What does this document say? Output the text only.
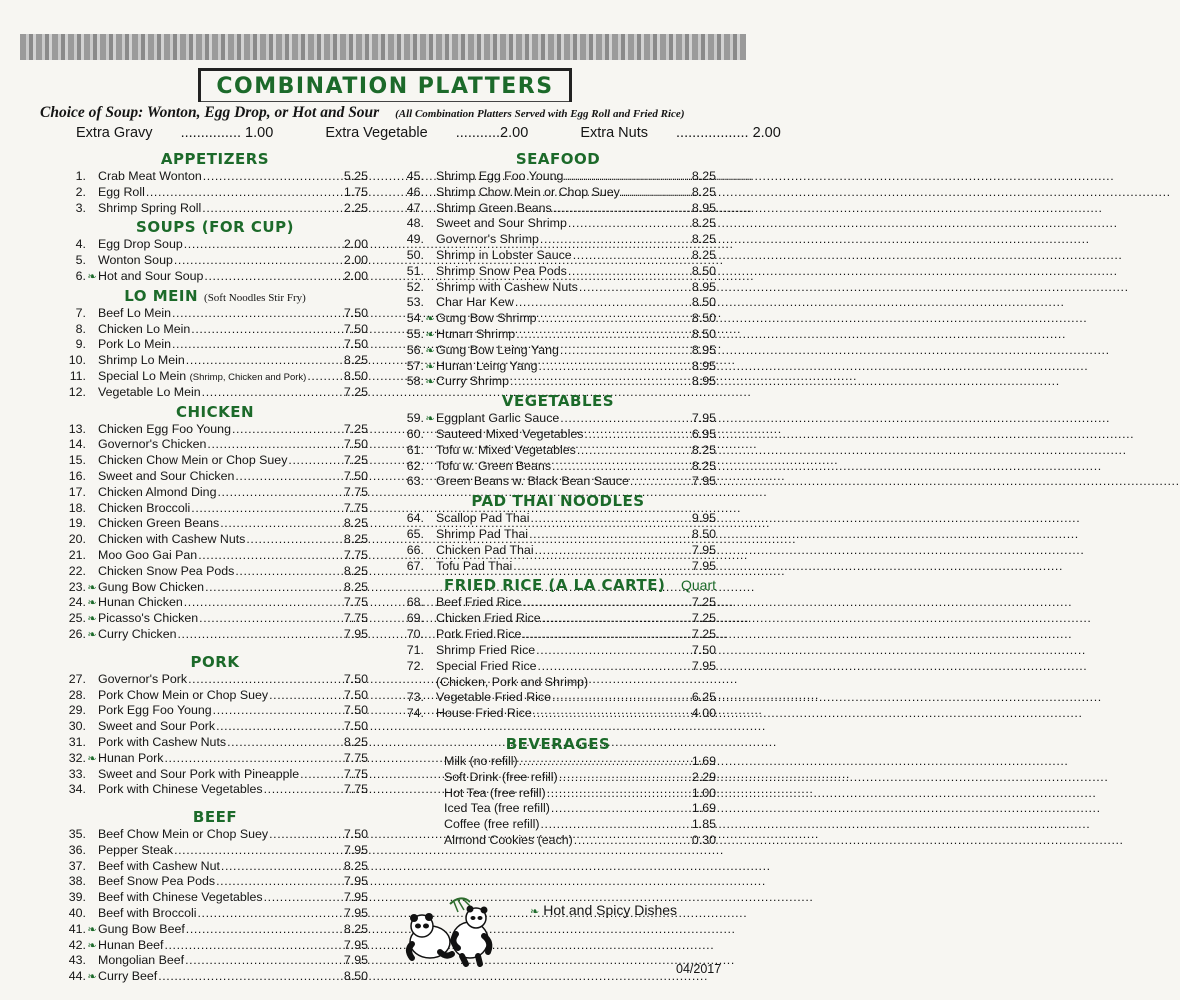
COMBINATION PLATTERS
Choice of Soup: Wonton, Egg Drop, or Hot and Sour (All Combination Platters Served with Egg Roll and Fried Rice)
Extra Gravy ............... 1.00	Extra Vegetable ...........2.00	Extra Nuts .................. 2.00
APPETIZERS
1. Crab Meat Wonton .....	5.25
2. Egg Roll .....	1.75
3. Shrimp Spring Roll .....	2.25
SOUPS (FOR CUP)
4. Egg Drop Soup .....	2.00
5. Wonton Soup .....	2.00
6. ❧ Hot and Sour Soup .....	2.00
LO MEIN (Soft Noodles Stir Fry)
7. Beef Lo Mein .....	7.50
8. Chicken Lo Mein .....	7.50
9. Pork Lo Mein .....	7.50
10. Shrimp Lo Mein .....	8.25
11. Special Lo Mein (Shrimp, Chicken and Pork) .....	8.50
12. Vegetable Lo Mein .....	7.25
CHICKEN
13. Chicken Egg Foo Young .....	7.25
14. Governor's Chicken .....	7.50
15. Chicken Chow Mein or Chop Suey .....	7.25
16. Sweet and Sour Chicken .....	7.50
17. Chicken Almond Ding .....	7.75
18. Chicken Broccoli .....	7.75
19. Chicken Green Beans .....	8.25
20. Chicken with Cashew Nuts .....	8.25
21. Moo Goo Gai Pan .....	7.75
22. Chicken Snow Pea Pods .....	8.25
23. ❧ Gung Bow Chicken .....	8.25
24. ❧ Hunan Chicken .....	7.75
25. ❧ Picasso's Chicken .....	7.75
26. ❧ Curry Chicken .....	7.95
PORK
27. Governor's Pork .....	7.50
28. Pork Chow Mein or Chop Suey .....	7.50
29. Pork Egg Foo Young .....	7.50
30. Sweet and Sour Pork .....	7.50
31. Pork with Cashew Nuts .....	8.25
32. ❧ Hunan Pork .....	7.75
33. Sweet and Sour Pork with Pineapple .....	7.75
34. Pork with Chinese Vegetables .....	7.75
BEEF
35. Beef Chow Mein or Chop Suey .....	7.50
36. Pepper Steak .....	7.95
37. Beef with Cashew Nut .....	8.25
38. Beef Snow Pea Pods .....	7.95
39. Beef with Chinese Vegetables .....	7.95
40. Beef with Broccoli .....	7.95
41. ❧ Gung Bow Beef .....	8.25
42. ❧ Hunan Beef .....	7.95
43. Mongolian Beef .....	7.95
44. ❧ Curry Beef .....	8.50
SEAFOOD
45. Shrimp Egg Foo Young .....	8.25
46. Shrimp Chow Mein or Chop Suey .....	8.25
47. Shrimp Green Beans .....	8.95
48. Sweet and Sour Shrimp .....	8.25
49. Governor's Shrimp .....	8.25
50. Shrimp in Lobster Sauce .....	8.25
51. Shrimp Snow Pea Pods .....	8.50
52. Shrimp with Cashew Nuts .....	8.95
53. Char Har Kew .....	8.50
54. ❧ Gung Bow Shrimp .....	8.50
55. ❧ Hunan Shrimp .....	8.50
56. ❧ Gung Bow Leing Yang .....	8.95
57. ❧ Hunan Leing Yang .....	8.95
58. ❧ Curry Shrimp .....	8.95
VEGETABLES
59. ❧ Eggplant Garlic Sauce .....	7.95
60. Sauteed Mixed Vegetables .....	6.95
61. Tofu w. Mixed Vegetables .....	8.25
62. Tofu w. Green Beans .....	8.25
63. Green Beans w. Black Bean Sauce .....	7.95
PAD THAI NOODLES
64. Scallop Pad Thai .....	9.95
65. Shrimp Pad Thai .....	8.50
66. Chicken Pad Thai .....	7.95
67. Tofu Pad Thai .....	7.95
FRIED RICE (A LA CARTE) Quart
68. Beef Fried Rice .....	7.25
69. Chicken Fried Rice .....	7.25
70. Pork Fried Rice .....	7.25
71. Shrimp Fried Rice .....	7.50
72. Special Fried Rice .....	7.95
(Chicken, Pork and Shrimp)
73. Vegetable Fried Rice .....	6.25
74. House Fried Rice .....	4.00
BEVERAGES
Milk (no refill) .....	1.69
Soft Drink (free refill) .....	2.29
Hot Tea (free refill) .....	1.00
Iced Tea (free refill) .....	1.69
Coffee (free refill) .....	1.85
Almond Cookies (each) .....	0.30
❧ Hot and Spicy Dishes
04/2017
